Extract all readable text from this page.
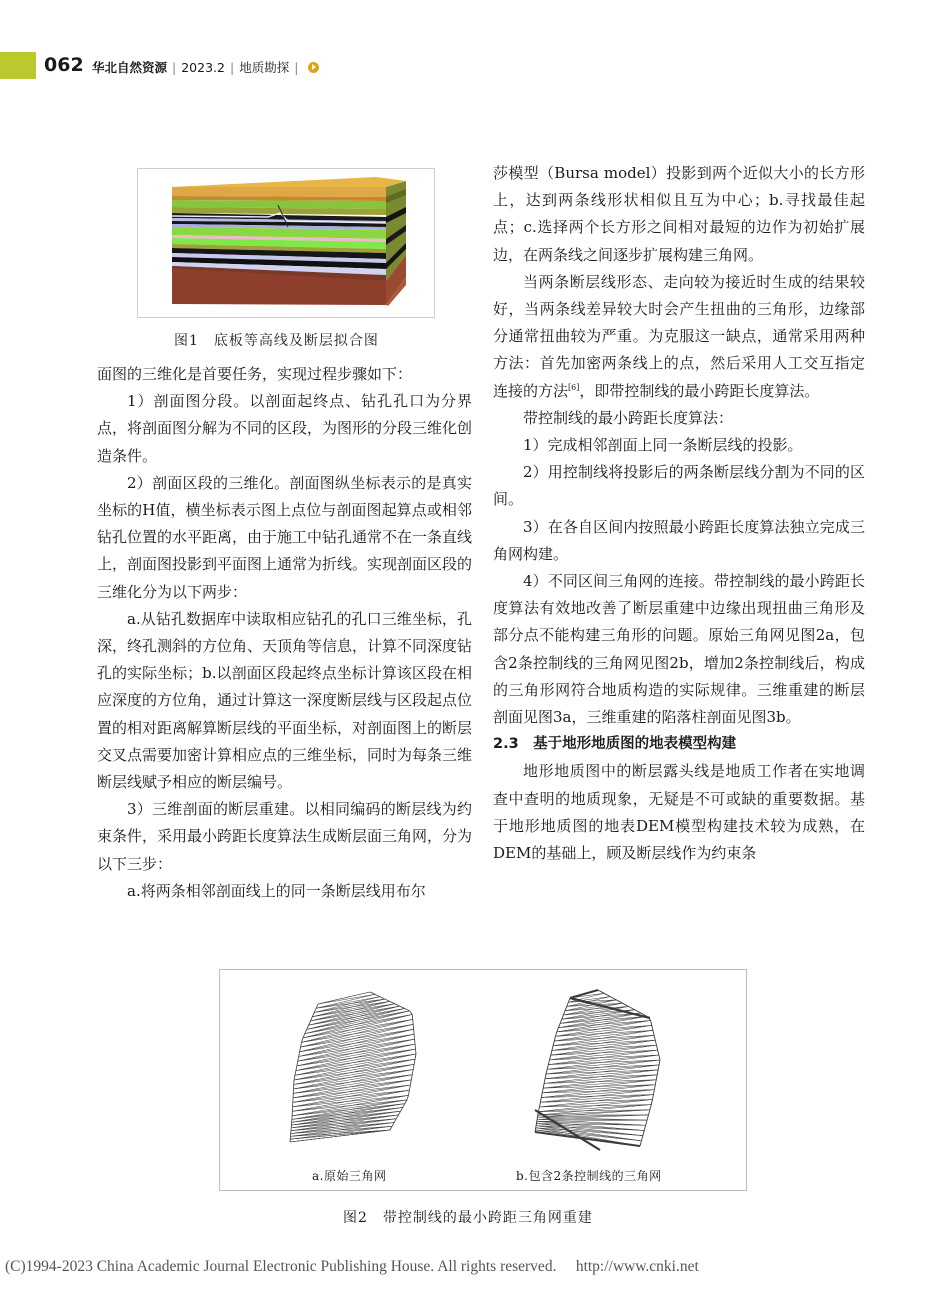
062 华北自然资源 | 2023.2 | 地质勘探 |
图1　底板等高线及断层拟合图

面图的三维化是首要任务，实现过程步骤如下：

1）剖面图分段。以剖面起终点、钻孔孔口为分界点，将剖面图分解为不同的区段，为图形的分段三维化创造条件。

2）剖面区段的三维化。剖面图纵坐标表示的是真实坐标的H值，横坐标表示图上点位与剖面图起算点或相邻钻孔位置的水平距离，由于施工中钻孔通常不在一条直线上，剖面图投影到平面图上通常为折线。实现剖面区段的三维化分为以下两步：

a.从钻孔数据库中读取相应钻孔的孔口三维坐标，孔深，终孔测斜的方位角、天顶角等信息，计算不同深度钻孔的实际坐标；b.以剖面区段起终点坐标计算该区段在相应深度的方位角，通过计算这一深度断层线与区段起点位置的相对距离解算断层线的平面坐标，对剖面图上的断层交叉点需要加密计算相应点的三维坐标，同时为每条三维断层线赋予相应的断层编号。

3）三维剖面的断层重建。以相同编码的断层线为约束条件，采用最小跨距长度算法生成断层面三角网，分为以下三步：

a.将两条相邻剖面线上的同一条断层线用布尔

莎模型（Bursa model）投影到两个近似大小的长方形上，达到两条线形状相似且互为中心；b.寻找最佳起点；c.选择两个长方形之间相对最短的边作为初始扩展边，在两条线之间逐步扩展构建三角网。

当两条断层线形态、走向较为接近时生成的结果较好，当两条线差异较大时会产生扭曲的三角形，边缘部分通常扭曲较为严重。为克服这一缺点，通常采用两种方法：首先加密两条线上的点，然后采用人工交互指定连接的方法[6]，即带控制线的最小跨距长度算法。

带控制线的最小跨距长度算法：

1）完成相邻剖面上同一条断层线的投影。

2）用控制线将投影后的两条断层线分割为不同的区间。

3）在各自区间内按照最小跨距长度算法独立完成三角网构建。

4）不同区间三角网的连接。带控制线的最小跨距长度算法有效地改善了断层重建中边缘出现扭曲三角形及部分点不能构建三角形的问题。原始三角网见图2a，包含2条控制线的三角网见图2b，增加2条控制线后，构成的三角形网符合地质构造的实际规律。三维重建的断层剖面见图3a，三维重建的陷落柱剖面见图3b。

2.3　基于地形地质图的地表模型构建

地形地质图中的断层露头线是地质工作者在实地调查中查明的地质现象，无疑是不可或缺的重要数据。基于地形地质图的地表DEM模型构建技术较为成熟，在DEM的基础上，顾及断层线作为约束条

a.原始三角网	b.包含2条控制线的三角网
图2　带控制线的最小跨距三角网重建
(C)1994-2023 China Academic Journal Electronic Publishing House. All rights reserved.　 http://www.cnki.net
